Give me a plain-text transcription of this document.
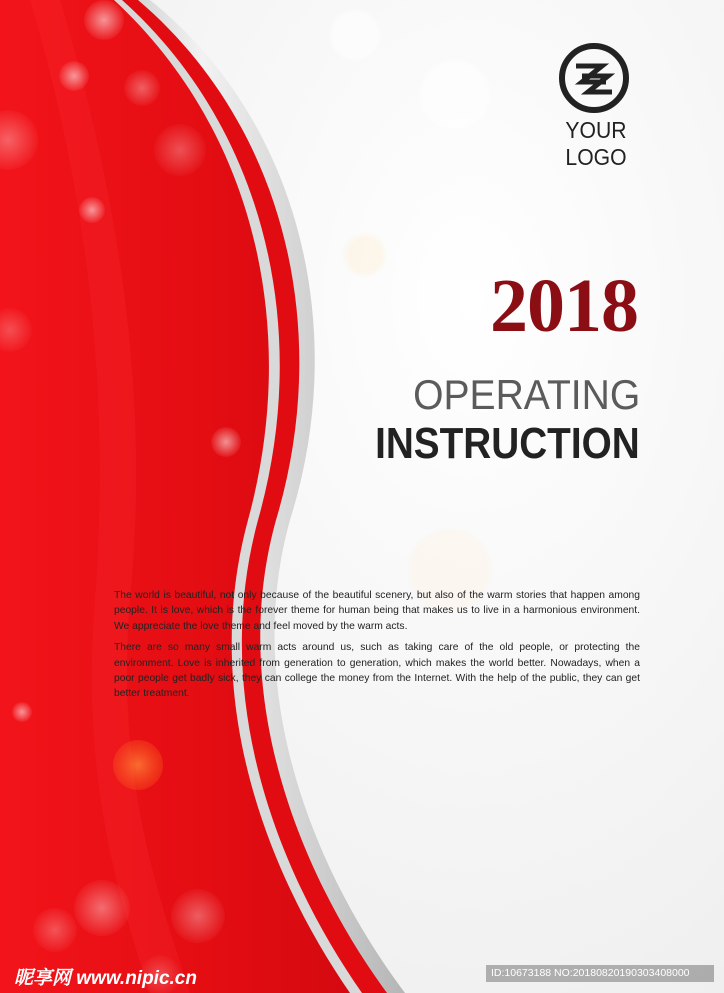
YOUR LOGO
2018
OPERATING
INSTRUCTION

The world is beautiful, not only because of the beautiful scenery, but also of the warm stories that happen among people. It is love, which is the forever theme for human being that makes us to live in a harmonious environment. We appreciate the love theme and feel moved by the warm acts.

There are so many small warm acts around us, such as taking care of the old people, or protecting the environment. Love is inherited from generation to generation, which makes the world better. Nowadays, when a poor people get badly sick, they can college the money from the Internet. With the help of the public, they can get better treatment.

昵享网 www.nipic.cn	ID:10673188 NO:20180820190303408000
